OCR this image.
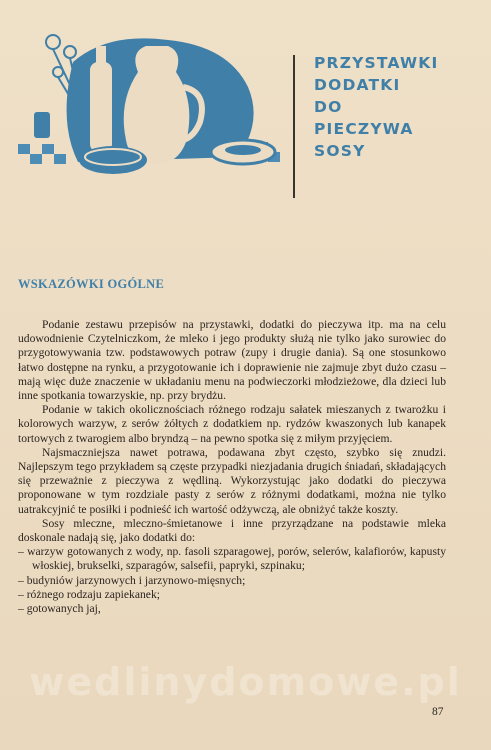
PRZYSTAWKI
DODATKI
DO
PIECZYWA
SOSY
WSKAZÓWKI OGÓLNE

Podanie zestawu przepisów na przystawki, dodatki do pieczywa itp. ma na celu udowodnienie Czytelniczkom, że mleko i jego produkty służą nie tylko jako surowiec do przygotowywania tzw. podstawowych potraw (zupy i drugie dania). Są one stosunkowo łatwo dostępne na rynku, a przygotowanie ich i doprawienie nie zajmuje zbyt dużo czasu – mają więc duże znaczenie w układaniu menu na podwieczorki młodzieżowe, dla dzieci lub inne spotkania towarzyskie, np. przy brydżu.

Podanie w takich okolicznościach różnego rodzaju sałatek mieszanych z twarożku i kolorowych warzyw, z serów żółtych z dodatkiem np. rydzów kwaszonych lub kanapek tortowych z twarogiem albo bryndzą – na pewno spotka się z miłym przyjęciem.

Najsmaczniejsza nawet potrawa, podawana zbyt często, szybko się znudzi. Najlepszym tego przykładem są częste przypadki niezjadania drugich śniadań, składających się przeważnie z pieczywa z wędliną. Wykorzystując jako dodatki do pieczywa proponowane w tym rozdziale pasty z serów z różnymi dodatkami, można nie tylko uatrakcyjnić te posiłki i podnieść ich wartość odżywczą, ale obniżyć także koszty.

Sosy mleczne, mleczno-śmietanowe i inne przyrządzane na podstawie mleka doskonale nadają się, jako dodatki do:

– warzyw gotowanych z wody, np. fasoli szparagowej, porów, selerów, kalafiorów, kapusty włoskiej, brukselki, szparagów, salsefii, papryki, szpinaku;
– budyniów jarzynowych i jarzynowo-mięsnych;
– różnego rodzaju zapiekanek;
– gotowanych jaj,
wedlinydomowe.pl
87
